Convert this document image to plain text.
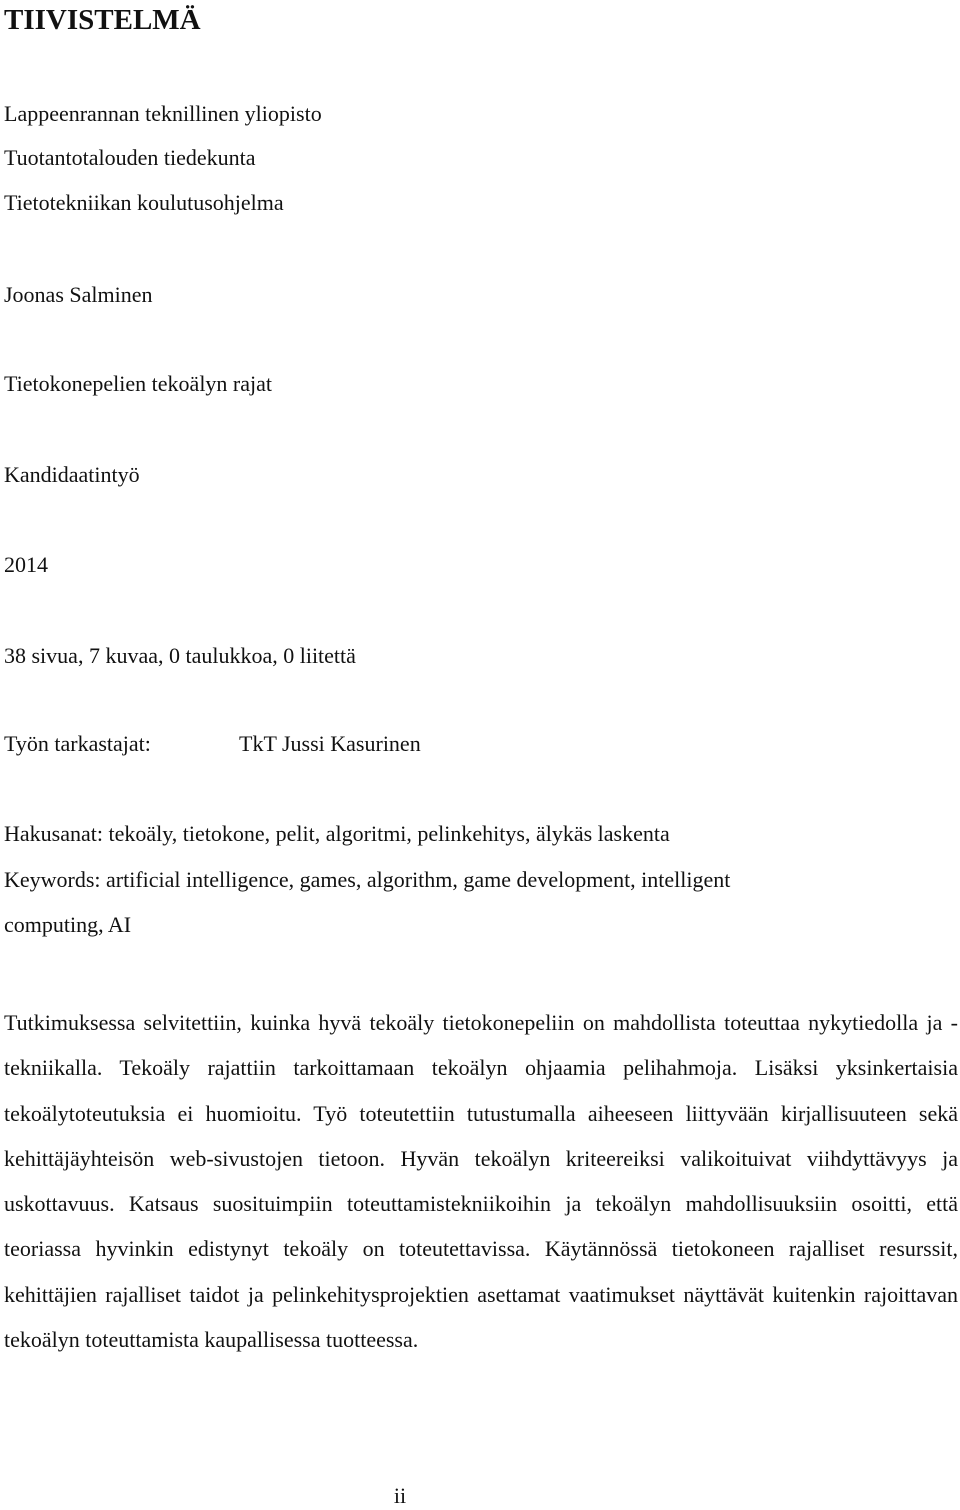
TIIVISTELMÄ

Lappeenrannan teknillinen yliopisto

Tuotantotalouden tiedekunta

Tietotekniikan koulutusohjelma

Joonas Salminen

Tietokonepelien tekoälyn rajat

Kandidaatintyö

2014

38 sivua, 7 kuvaa, 0 taulukkoa, 0 liitettä

Työn tarkastajat:	TkT Jussi Kasurinen

Hakusanat: tekoäly, tietokone, pelit, algoritmi, pelinkehitys, älykäs laskenta

Keywords: artificial intelligence, games, algorithm, game development, intelligent

computing, AI

Tutkimuksessa selvitettiin, kuinka hyvä tekoäly tietokonepeliin on mahdollista toteuttaa nykytiedolla ja -tekniikalla. Tekoäly rajattiin tarkoittamaan tekoälyn ohjaamia pelihahmoja. Lisäksi yksinkertaisia tekoälytoteutuksia ei huomioitu. Työ toteutettiin tutustumalla aiheeseen liittyvään kirjallisuuteen sekä kehittäjäyhteisön web-sivustojen tietoon. Hyvän tekoälyn kriteereiksi valikoituivat viihdyttävyys ja uskottavuus. Katsaus suosituimpiin toteuttamistekniikoihin ja tekoälyn mahdollisuuksiin osoitti, että teoriassa hyvinkin edistynyt tekoäly on toteutettavissa. Käytännössä tietokoneen rajalliset resurssit, kehittäjien rajalliset taidot ja pelinkehitysprojektien asettamat vaatimukset näyttävät kuitenkin rajoittavan tekoälyn toteuttamista kaupallisessa tuotteessa.

ii
